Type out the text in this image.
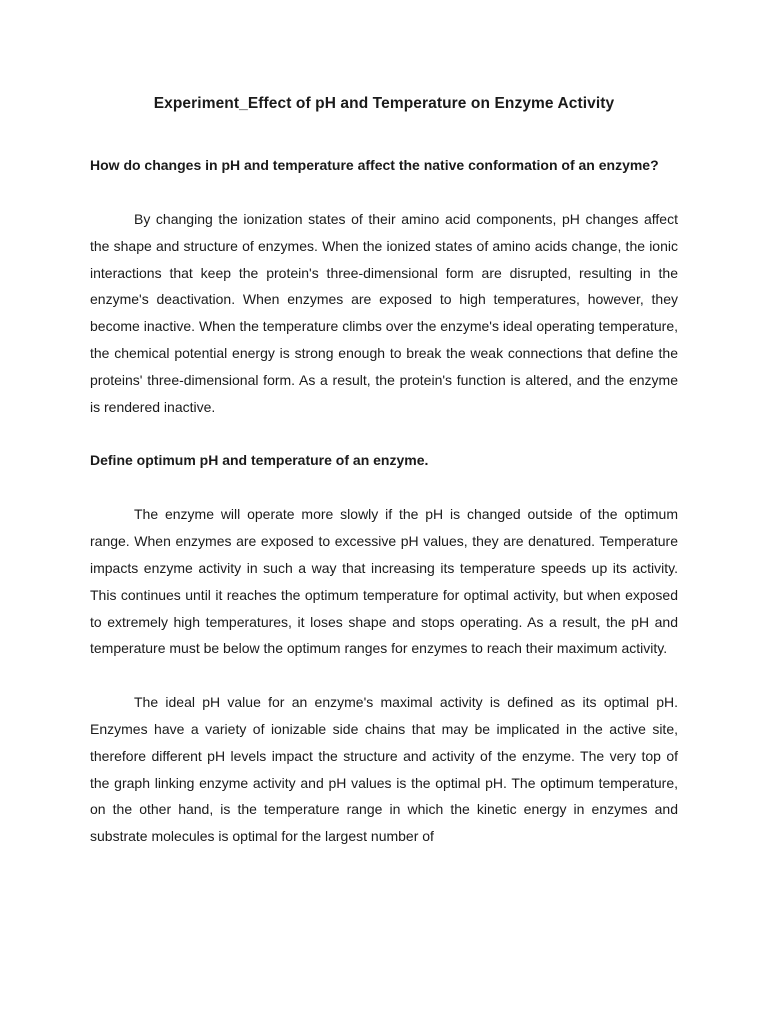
Experiment_Effect of pH and Temperature on Enzyme Activity

How do changes in pH and temperature affect the native conformation of an enzyme?

By changing the ionization states of their amino acid components, pH changes affect the shape and structure of enzymes. When the ionized states of amino acids change, the ionic interactions that keep the protein's three-dimensional form are disrupted, resulting in the enzyme's deactivation. When enzymes are exposed to high temperatures, however, they become inactive. When the temperature climbs over the enzyme's ideal operating temperature, the chemical potential energy is strong enough to break the weak connections that define the proteins' three-dimensional form. As a result, the protein's function is altered, and the enzyme is rendered inactive.

Define optimum pH and temperature of an enzyme.

The enzyme will operate more slowly if the pH is changed outside of the optimum range. When enzymes are exposed to excessive pH values, they are denatured. Temperature impacts enzyme activity in such a way that increasing its temperature speeds up its activity. This continues until it reaches the optimum temperature for optimal activity, but when exposed to extremely high temperatures, it loses shape and stops operating. As a result, the pH and temperature must be below the optimum ranges for enzymes to reach their maximum activity.

The ideal pH value for an enzyme's maximal activity is defined as its optimal pH. Enzymes have a variety of ionizable side chains that may be implicated in the active site, therefore different pH levels impact the structure and activity of the enzyme. The very top of the graph linking enzyme activity and pH values is the optimal pH. The optimum temperature, on the other hand, is the temperature range in which the kinetic energy in enzymes and substrate molecules is optimal for the largest number of
